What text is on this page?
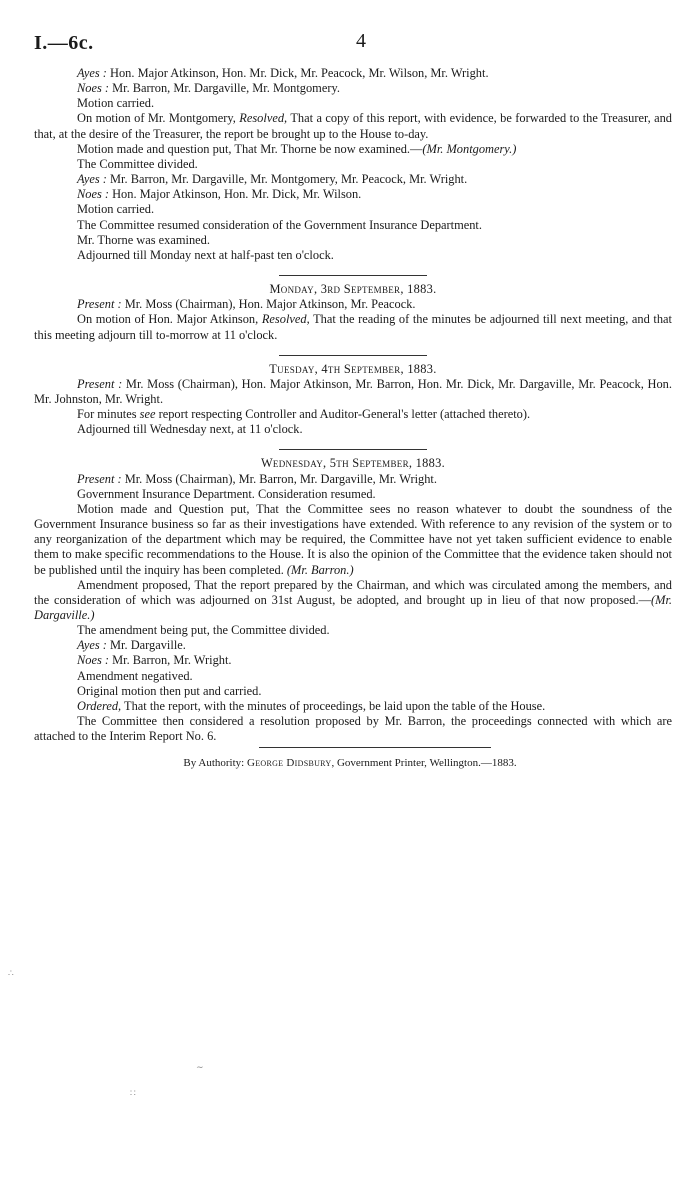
I.—6c.	4

Ayes : Hon. Major Atkinson, Hon. Mr. Dick, Mr. Peacock, Mr. Wilson, Mr. Wright.

Noes : Mr. Barron, Mr. Dargaville, Mr. Montgomery.

Motion carried.

On motion of Mr. Montgomery, Resolved, That a copy of this report, with evidence, be forwarded to the Treasurer, and that, at the desire of the Treasurer, the report be brought up to the House to-day.

Motion made and question put, That Mr. Thorne be now examined.—(Mr. Montgomery.)

The Committee divided.

Ayes : Mr. Barron, Mr. Dargaville, Mr. Montgomery, Mr. Peacock, Mr. Wright.

Noes : Hon. Major Atkinson, Hon. Mr. Dick, Mr. Wilson.

Motion carried.

The Committee resumed consideration of the Government Insurance Department.

Mr. Thorne was examined.

Adjourned till Monday next at half-past ten o'clock.

Monday, 3rd September, 1883.

Present : Mr. Moss (Chairman), Hon. Major Atkinson, Mr. Peacock.

On motion of Hon. Major Atkinson, Resolved, That the reading of the minutes be adjourned till next meeting, and that this meeting adjourn till to-morrow at 11 o'clock.

Tuesday, 4th September, 1883.

Present : Mr. Moss (Chairman), Hon. Major Atkinson, Mr. Barron, Hon. Mr. Dick, Mr. Dargaville, Mr. Peacock, Hon. Mr. Johnston, Mr. Wright.

For minutes see report respecting Controller and Auditor-General's letter (attached thereto).

Adjourned till Wednesday next, at 11 o'clock.

Wednesday, 5th September, 1883.

Present : Mr. Moss (Chairman), Mr. Barron, Mr. Dargaville, Mr. Wright.

Government Insurance Department. Consideration resumed.

Motion made and Question put, That the Committee sees no reason whatever to doubt the soundness of the Government Insurance business so far as their investigations have extended. With reference to any revision of the system or to any reorganization of the department which may be required, the Committee have not yet taken sufficient evidence to enable them to make specific recommendations to the House. It is also the opinion of the Committee that the evidence taken should not be published until the inquiry has been completed. (Mr. Barron.)

Amendment proposed, That the report prepared by the Chairman, and which was circulated among the members, and the consideration of which was adjourned on 31st August, be adopted, and brought up in lieu of that now proposed.—(Mr. Dargaville.)

The amendment being put, the Committee divided.

Ayes : Mr. Dargaville.

Noes : Mr. Barron, Mr. Wright.

Amendment negatived.

Original motion then put and carried.

Ordered, That the report, with the minutes of proceedings, be laid upon the table of the House.

The Committee then considered a resolution proposed by Mr. Barron, the proceedings connected with which are attached to the Interim Report No. 6.

By Authority: George Didsbury, Government Printer, Wellington.—1883.
∴
∼
∷
